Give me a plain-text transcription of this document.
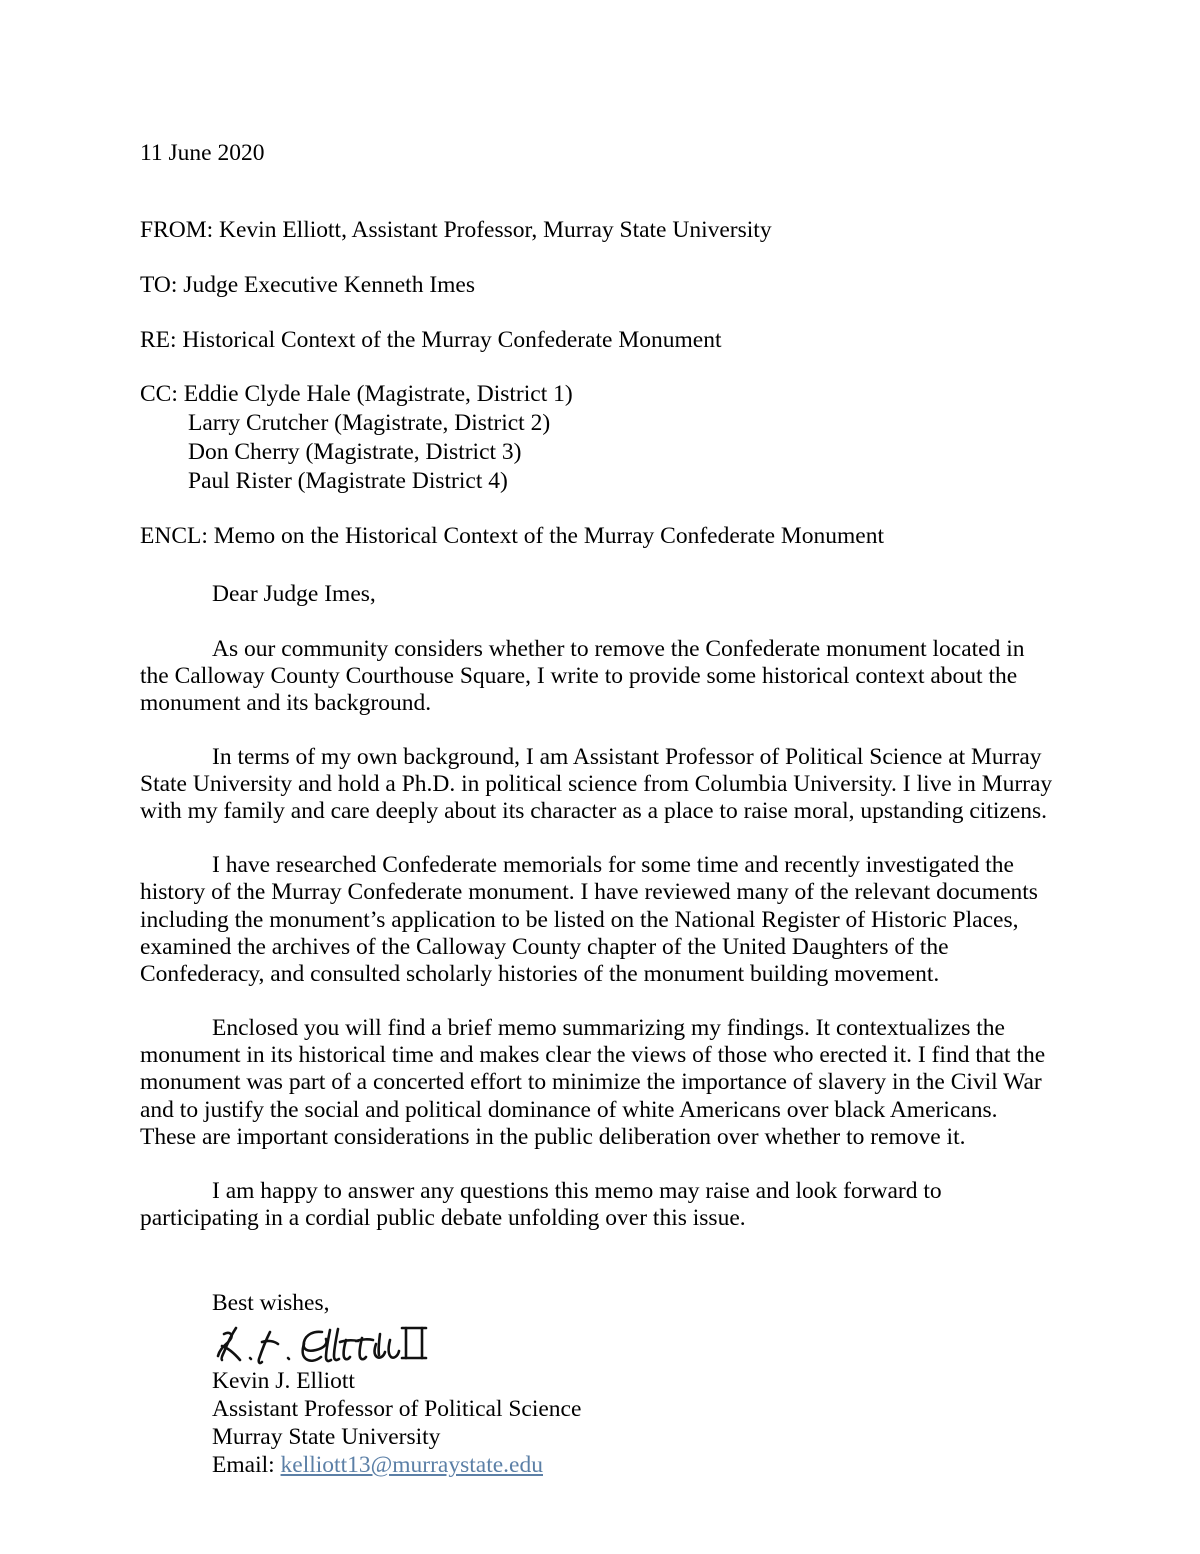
11 June 2020
FROM: Kevin Elliott, Assistant Professor, Murray State University
TO: Judge Executive Kenneth Imes
RE: Historical Context of the Murray Confederate Monument
CC: Eddie Clyde Hale (Magistrate, District 1)
Larry Crutcher (Magistrate, District 2)
Don Cherry (Magistrate, District 3)
Paul Rister (Magistrate District 4)
ENCL: Memo on the Historical Context of the Murray Confederate Monument
Dear Judge Imes,

As our community considers whether to remove the Confederate monument located in the Calloway County Courthouse Square, I write to provide some historical context about the monument and its background.

In terms of my own background, I am Assistant Professor of Political Science at Murray State University and hold a Ph.D. in political science from Columbia University. I live in Murray with my family and care deeply about its character as a place to raise moral, upstanding citizens.

I have researched Confederate memorials for some time and recently investigated the history of the Murray Confederate monument. I have reviewed many of the relevant documents including the monument’s application to be listed on the National Register of Historic Places, examined the archives of the Calloway County chapter of the United Daughters of the Confederacy, and consulted scholarly histories of the monument building movement.

Enclosed you will find a brief memo summarizing my findings. It contextualizes the monument in its historical time and makes clear the views of those who erected it. I find that the monument was part of a concerted effort to minimize the importance of slavery in the Civil War and to justify the social and political dominance of white Americans over black Americans. These are important considerations in the public deliberation over whether to remove it.

I am happy to answer any questions this memo may raise and look forward to participating in a cordial public debate unfolding over this issue.

Best wishes,
Kevin J. Elliott
Assistant Professor of Political Science
Murray State University
Email: kelliott13@murraystate.edu
